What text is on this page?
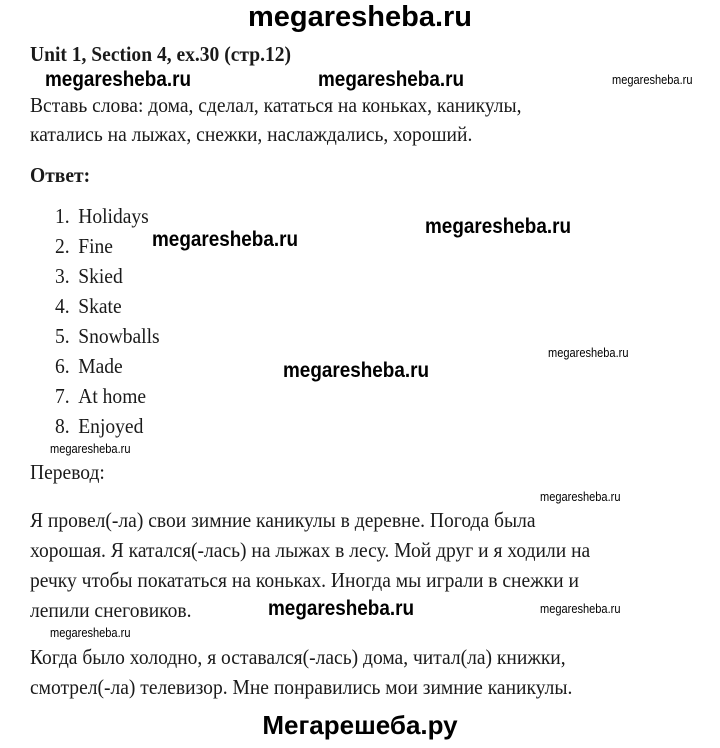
megaresheba.ru
Unit 1, Section 4, ex.30 (стр.12)
megaresheba.ru	megaresheba.ru	megaresheba.ru
Вставь слова: дома, сделал, кататься на коньках, каникулы,
катались на лыжах, снежки, наслаждались, хороший.
Ответ:
1. Holidays
2. Fine
3. Skied
4. Skate
5. Snowballs
6. Made
7. At home
8. Enjoyed
megaresheba.ru
megaresheba.ru
megaresheba.ru
megaresheba.ru
megaresheba.ru
Перевод:
megaresheba.ru
Я провел(-ла) свои зимние каникулы в деревне. Погода была
хорошая. Я катался(-лась) на лыжах в лесу. Мой друг и я ходили на
речку чтобы покататься на коньках. Иногда мы играли в снежки и
лепили снеговиков.	megaresheba.ru	megaresheba.ru
megaresheba.ru
Когда было холодно, я оставался(-лась) дома, читал(ла) книжки,
смотрел(-ла) телевизор. Мне понравились мои зимние каникулы.
Мегарешеба.ру
